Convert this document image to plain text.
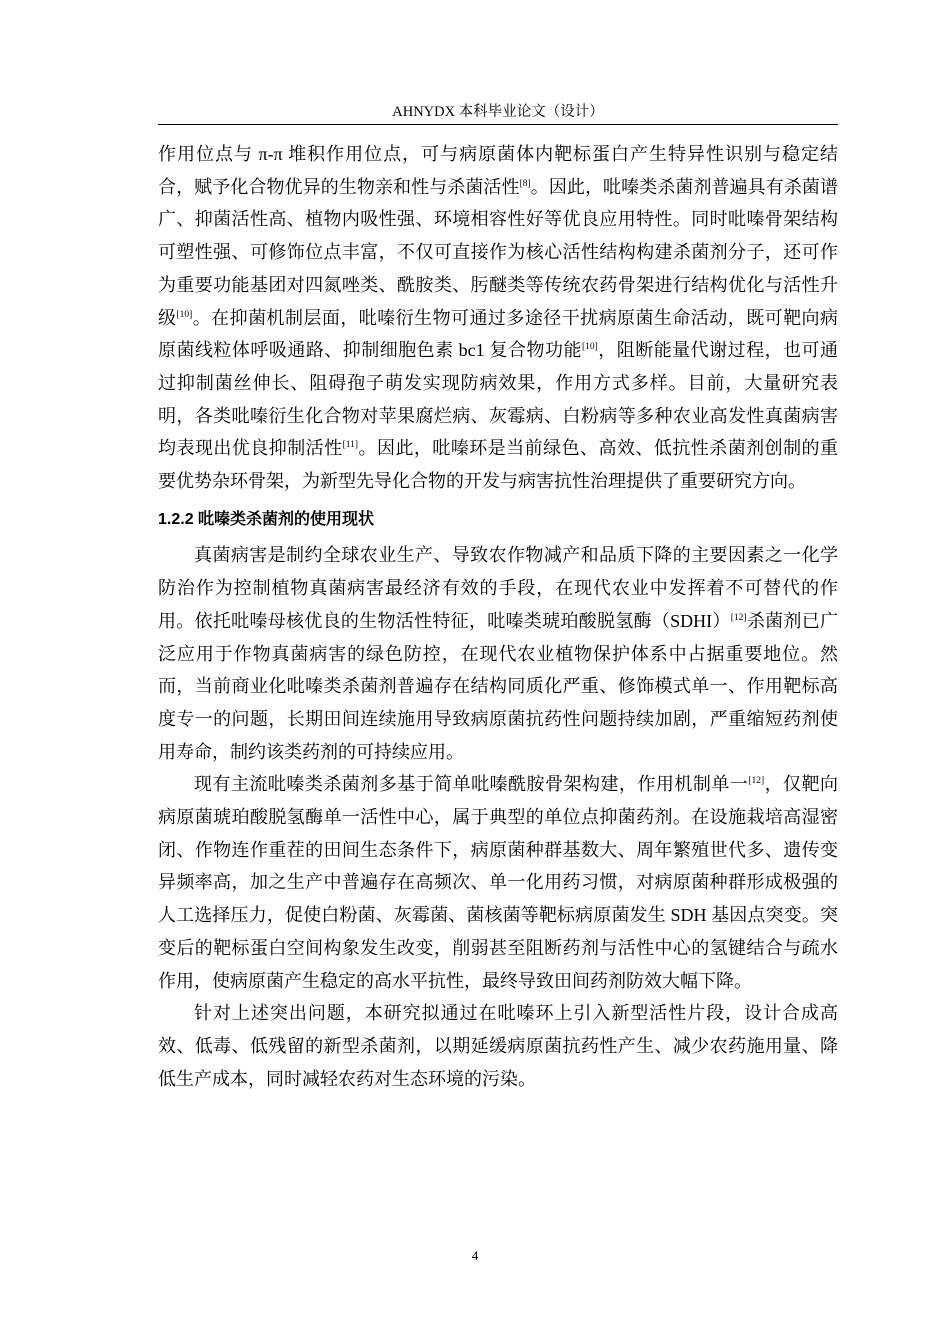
AHNYDX 本科毕业论文（设计）

作用位点与 π-π 堆积作用位点，可与病原菌体内靶标蛋白产生特异性识别与稳定结合，赋予化合物优异的生物亲和性与杀菌活性[8]。因此，吡嗪类杀菌剂普遍具有杀菌谱广、抑菌活性高、植物内吸性强、环境相容性好等优良应用特性。同时吡嗪骨架结构可塑性强、可修饰位点丰富，不仅可直接作为核心活性结构构建杀菌剂分子，还可作为重要功能基团对四氮唑类、酰胺类、肟醚类等传统农药骨架进行结构优化与活性升级[10]。在抑菌机制层面，吡嗪衍生物可通过多途径干扰病原菌生命活动，既可靶向病原菌线粒体呼吸通路、抑制细胞色素 bc1 复合物功能[10]，阻断能量代谢过程，也可通过抑制菌丝伸长、阻碍孢子萌发实现防病效果，作用方式多样。目前，大量研究表明，各类吡嗪衍生化合物对苹果腐烂病、灰霉病、白粉病等多种农业高发性真菌病害均表现出优良抑制活性[11]。因此，吡嗪环是当前绿色、高效、低抗性杀菌剂创制的重要优势杂环骨架，为新型先导化合物的开发与病害抗性治理提供了重要研究方向。

1.2.2 吡嗪类杀菌剂的使用现状

真菌病害是制约全球农业生产、导致农作物减产和品质下降的主要因素之一化学防治作为控制植物真菌病害最经济有效的手段，在现代农业中发挥着不可替代的作用。依托吡嗪母核优良的生物活性特征，吡嗪类琥珀酸脱氢酶（SDHI）[12]杀菌剂已广泛应用于作物真菌病害的绿色防控，在现代农业植物保护体系中占据重要地位。然而，当前商业化吡嗪类杀菌剂普遍存在结构同质化严重、修饰模式单一、作用靶标高度专一的问题，长期田间连续施用导致病原菌抗药性问题持续加剧，严重缩短药剂使用寿命，制约该类药剂的可持续应用。

现有主流吡嗪类杀菌剂多基于简单吡嗪酰胺骨架构建，作用机制单一[12]，仅靶向病原菌琥珀酸脱氢酶单一活性中心，属于典型的单位点抑菌药剂。在设施栽培高湿密闭、作物连作重茬的田间生态条件下，病原菌种群基数大、周年繁殖世代多、遗传变异频率高，加之生产中普遍存在高频次、单一化用药习惯，对病原菌种群形成极强的人工选择压力，促使白粉菌、灰霉菌、菌核菌等靶标病原菌发生 SDH 基因点突变。突变后的靶标蛋白空间构象发生改变，削弱甚至阻断药剂与活性中心的氢键结合与疏水作用，使病原菌产生稳定的高水平抗性，最终导致田间药剂防效大幅下降。

针对上述突出问题，本研究拟通过在吡嗪环上引入新型活性片段，设计合成高效、低毒、低残留的新型杀菌剂，以期延缓病原菌抗药性产生、减少农药施用量、降低生产成本，同时减轻农药对生态环境的污染。

4
